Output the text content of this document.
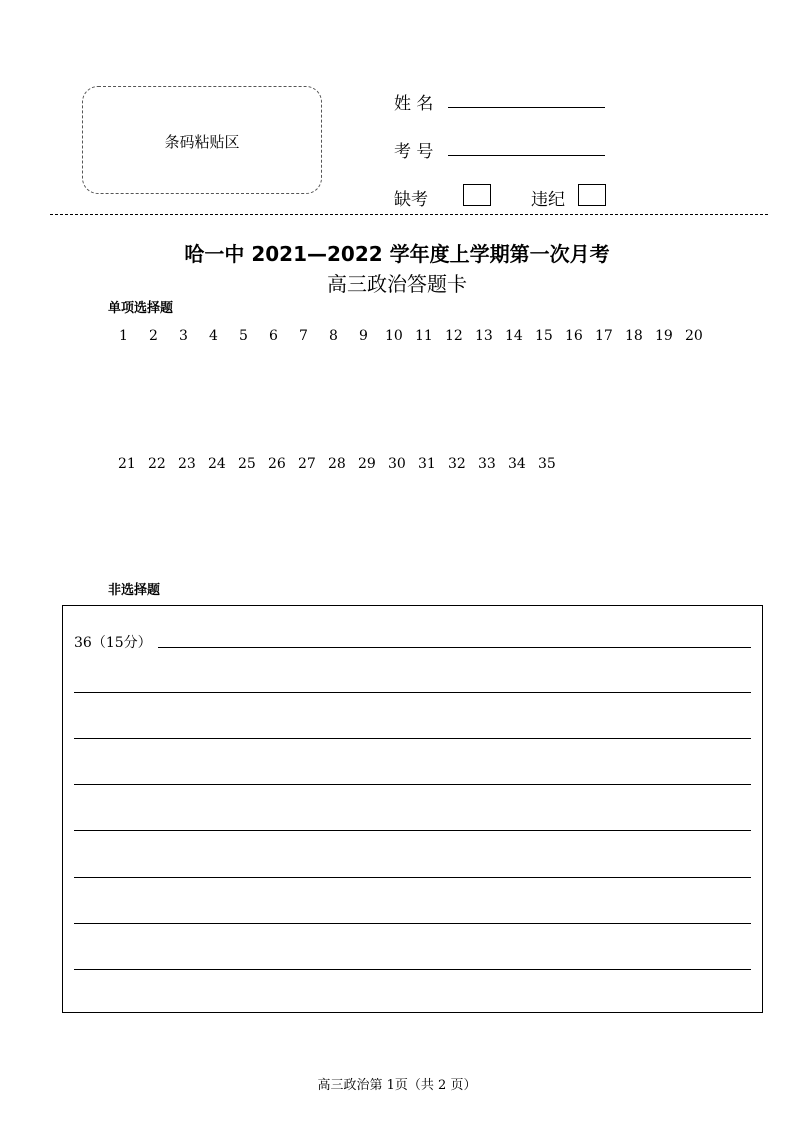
条码粘贴区
姓 名
考 号
缺考	违纪
哈一中 2021—2022 学年度上学期第一次月考
高三政治答题卡
单项选择题
1	2	3	4	5	6	7	8	9	10 11 12 13 14 15 16 17 18 19 20
21 22 23 24 25 26 27 28 29 30 31 32 33 34 35
非选择题
36（15分）
高三政治第 1页（共 2 页）
